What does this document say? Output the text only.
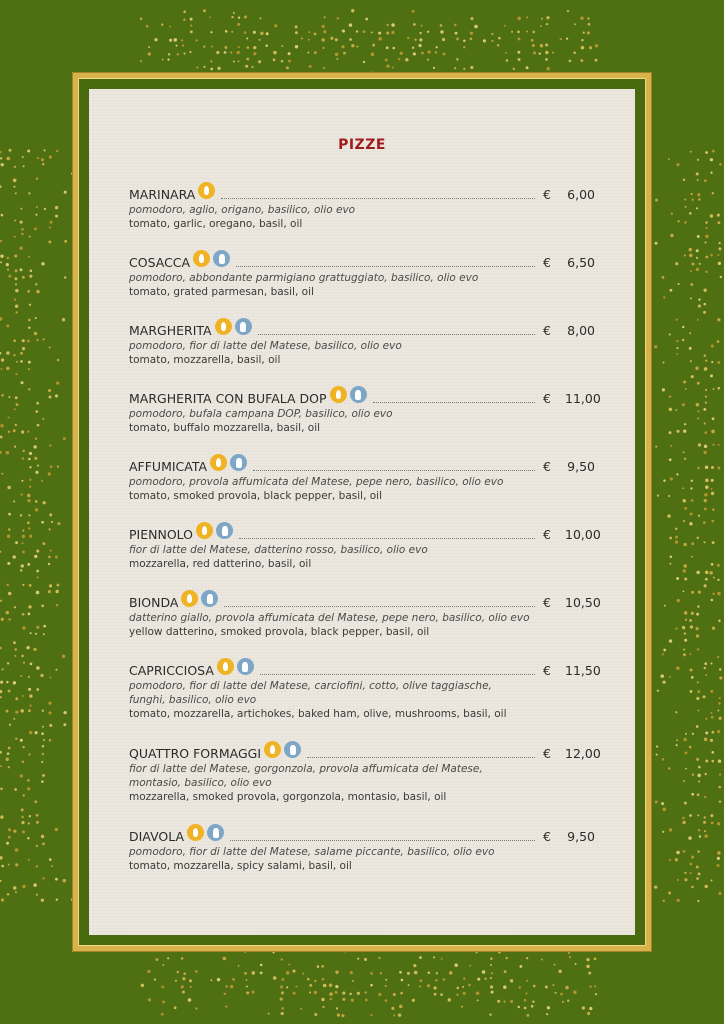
PIZZE
MARINARA	€	6,00
pomodoro, aglio, origano, basilico, olio evo
tomato, garlic, oregano, basil, oil
COSACCA	€	6,50
pomodoro, abbondante parmigiano grattuggiato, basilico, olio evo
tomato, grated parmesan, basil, oil
MARGHERITA	€	8,00
pomodoro, fior di latte del Matese, basilico, olio evo
tomato, mozzarella, basil, oil
MARGHERITA CON BUFALA DOP	€	11,00
pomodoro, bufala campana DOP, basilico, olio evo
tomato, buffalo mozzarella, basil, oil
AFFUMICATA	€	9,50
pomodoro, provola affumicata del Matese, pepe nero, basilico, olio evo
tomato, smoked provola, black pepper, basil, oil
PIENNOLO	€	10,00
fior di latte del Matese, datterino rosso, basilico, olio evo
mozzarella, red datterino, basil, oil
BIONDA	€	10,50
datterino giallo, provola affumicata del Matese, pepe nero, basilico, olio evo
yellow datterino, smoked provola, black pepper, basil, oil
CAPRICCIOSA	€	11,50
pomodoro, fior di latte del Matese, carciofini, cotto, olive taggiasche,
funghi, basilico, olio evo
tomato, mozzarella, artichokes, baked ham, olive, mushrooms, basil, oil
QUATTRO FORMAGGI	€	12,00
fior di latte del Matese, gorgonzola, provola affumicata del Matese,
montasio, basilico, olio evo
mozzarella, smoked provola, gorgonzola, montasio, basil, oil
DIAVOLA	€	9,50
pomodoro, fior di latte del Matese, salame piccante, basilico, olio evo
tomato, mozzarella, spicy salami, basil, oil
